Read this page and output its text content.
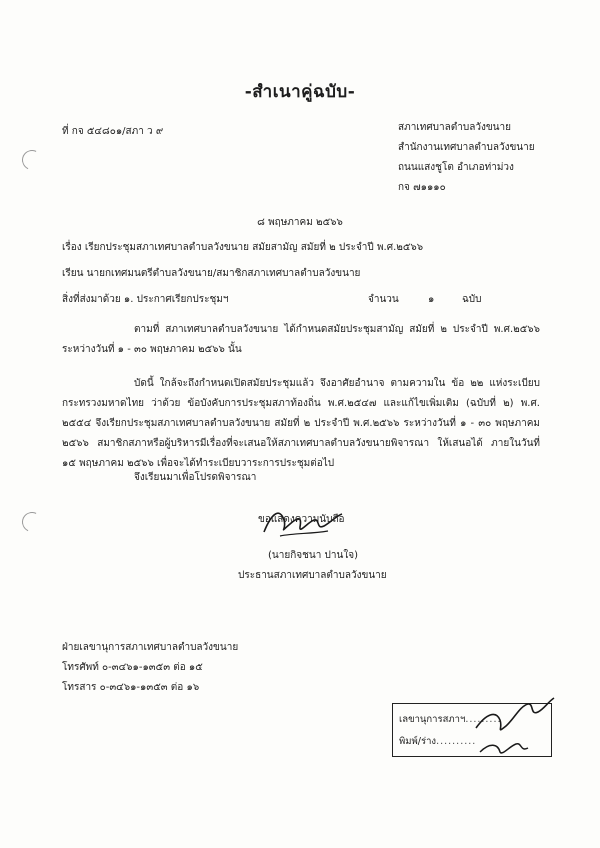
-สำเนาคู่ฉบับ-
ที่ กจ ๕๔๘๐๑/สภา ว ๙	สภาเทศบาลตำบลวังขนาย
สำนักงานเทศบาลตำบลวังขนาย
ถนนแสงชูโต อำเภอท่าม่วง
กจ ๗๑๑๑๐
๘ พฤษภาคม ๒๕๖๖
เรื่อง เรียกประชุมสภาเทศบาลตำบลวังขนาย สมัยสามัญ สมัยที่ ๒ ประจำปี พ.ศ.๒๕๖๖
เรียน นายกเทศมนตรีตำบลวังขนาย/สมาชิกสภาเทศบาลตำบลวังขนาย
สิ่งที่ส่งมาด้วย ๑. ประกาศเรียกประชุมฯ	จำนวน	๑	ฉบับ
ตามที่ สภาเทศบาลตำบลวังขนาย ได้กำหนดสมัยประชุมสามัญ สมัยที่ ๒ ประจำปี พ.ศ.๒๕๖๖ ระหว่างวันที่ ๑ - ๓๐ พฤษภาคม ๒๕๖๖ นั้น
บัดนี้ ใกล้จะถึงกำหนดเปิดสมัยประชุมแล้ว จึงอาศัยอำนาจ ตามความใน ข้อ ๒๒ แห่งระเบียบกระทรวงมหาดไทย ว่าด้วย ข้อบังคับการประชุมสภาท้องถิ่น พ.ศ.๒๕๔๗ และแก้ไขเพิ่มเติม (ฉบับที่ ๒) พ.ศ. ๒๕๕๔ จึงเรียกประชุมสภาเทศบาลตำบลวังขนาย สมัยที่ ๒ ประจำปี พ.ศ.๒๕๖๖ ระหว่างวันที่ ๑ - ๓๐ พฤษภาคม ๒๕๖๖ สมาชิกสภาหรือผู้บริหารมีเรื่องที่จะเสนอให้สภาเทศบาลตำบลวังขนายพิจารณา ให้เสนอได้ ภายในวันที่ ๑๕ พฤษภาคม ๒๕๖๖ เพื่อจะได้ทำระเบียบวาระการประชุมต่อไป
จึงเรียนมาเพื่อโปรดพิจารณา
ขอแสดงความนับถือ
(นายกิจชนา ปานใจ)
ประธานสภาเทศบาลตำบลวังขนาย
ฝ่ายเลขานุการสภาเทศบาลตำบลวังขนาย
โทรศัพท์ ๐-๓๔๖๑-๑๓๕๓ ต่อ ๑๕
โทรสาร ๐-๓๔๖๑-๑๓๕๓ ต่อ ๑๖
เลขานุการสภาฯ.........
พิมพ์/ร่าง..........
